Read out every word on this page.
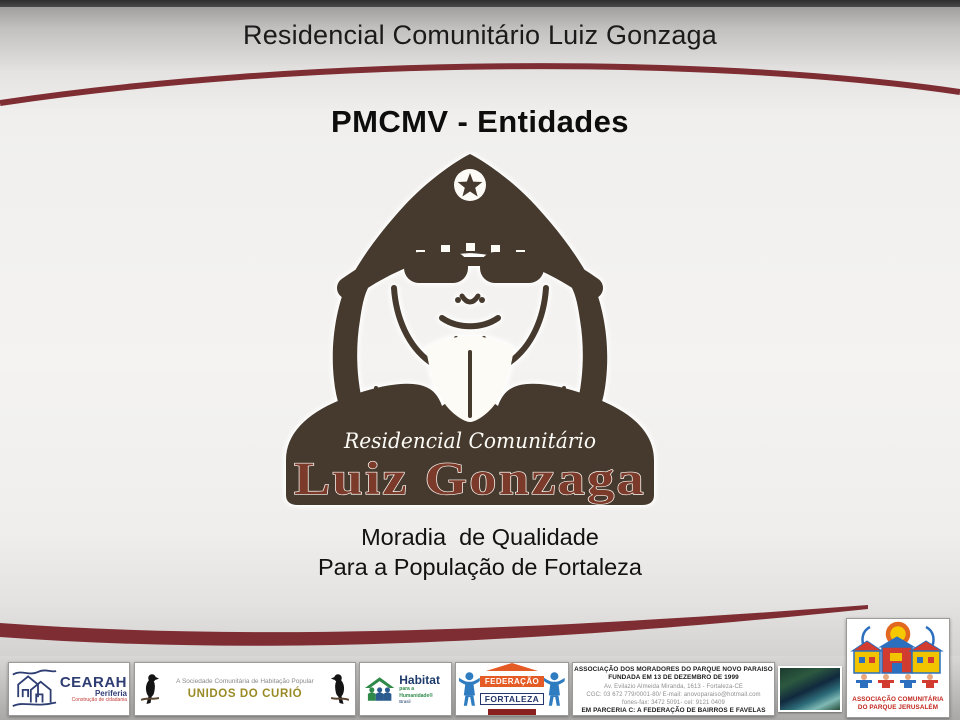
Residencial Comunitário Luiz Gonzaga
PMCMV - Entidades
Residencial Comunitário
Luiz Gonzaga
Moradia  de Qualidade
Para a População de Fortaleza
CEARAH
Periferia
Construção de cidadania
A Sociedade Comunitária de Habitação Popular
UNIDOS DO CURIÓ
Habitat
para a Humanidade®
Brasil
FEDERAÇÃO
FORTALEZA
ASSOCIAÇÃO DOS MORADORES DO PARQUE NOVO PARAISO
FUNDADA EM 13 DE DEZEMBRO DE 1999
Av. Evilazio Almeida Miranda, 1613 - Fortaleza-CE
CGC: 03 672 779/0001-80/ E-mail: anovoparaiso@hotmail.com
fones-fax: 3472 5091- cel: 9121 0409
EM PARCERIA C: A FEDERAÇÃO DE BAIRROS E FAVELAS
ASSOCIAÇÃO COMUNITÁRIA
DO PARQUE JERUSALÉM
